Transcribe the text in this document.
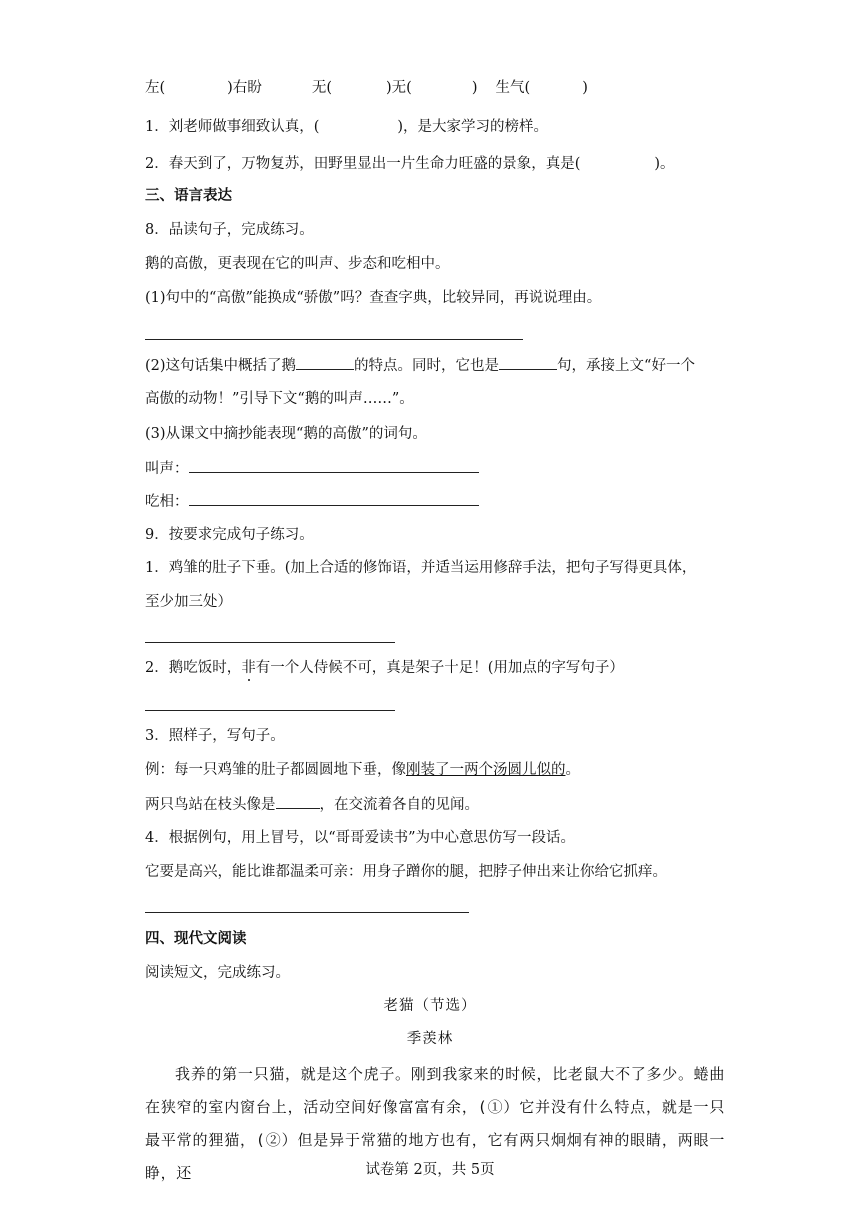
左(	)右盼	无(	)无(	) 生气(	)
1．刘老师做事细致认真，(	)，是大家学习的榜样。
2．春天到了，万物复苏，田野里显出一片生命力旺盛的景象，真是(	)。
三、语言表达
8．品读句子，完成练习。
鹅的高傲，更表现在它的叫声、步态和吃相中。
(1)句中的“高傲”能换成“骄傲”吗？查查字典，比较异同，再说说理由。
(2)这句话集中概括了鹅	的特点。同时，它也是	句，承接上文“好一个
高傲的动物！”引导下文“鹅的叫声……”。
(3)从课文中摘抄能表现“鹅的高傲”的词句。
叫声：
吃相：
9．按要求完成句子练习。
1．鸡雏的肚子下垂。(加上合适的修饰语，并适当运用修辞手法，把句子写得更具体，
至少加三处）
2．鹅吃饭时，非有一个人侍候不可，真是架子十足！(用加点的字写句子）
3．照样子，写句子。
例：每一只鸡雏的肚子都圆圆地下垂，像刚装了一两个汤圆儿似的。
两只鸟站在枝头像是	，在交流着各自的见闻。
4．根据例句，用上冒号，以“哥哥爱读书”为中心意思仿写一段话。
它要是高兴，能比谁都温柔可亲：用身子蹭你的腿，把脖子伸出来让你给它抓痒。
四、现代文阅读
阅读短文，完成练习。
老猫（节选）
季羡林
我养的第一只猫，就是这个虎子。刚到我家来的时候，比老鼠大不了多少。蜷曲在狭窄的室内窗台上，活动空间好像富富有余，(①）它并没有什么特点，就是一只最平常的狸猫，(②）但是异于常猫的地方也有，它有两只炯炯有神的眼睛，两眼一睁，还	试卷第 2页，共 5页
